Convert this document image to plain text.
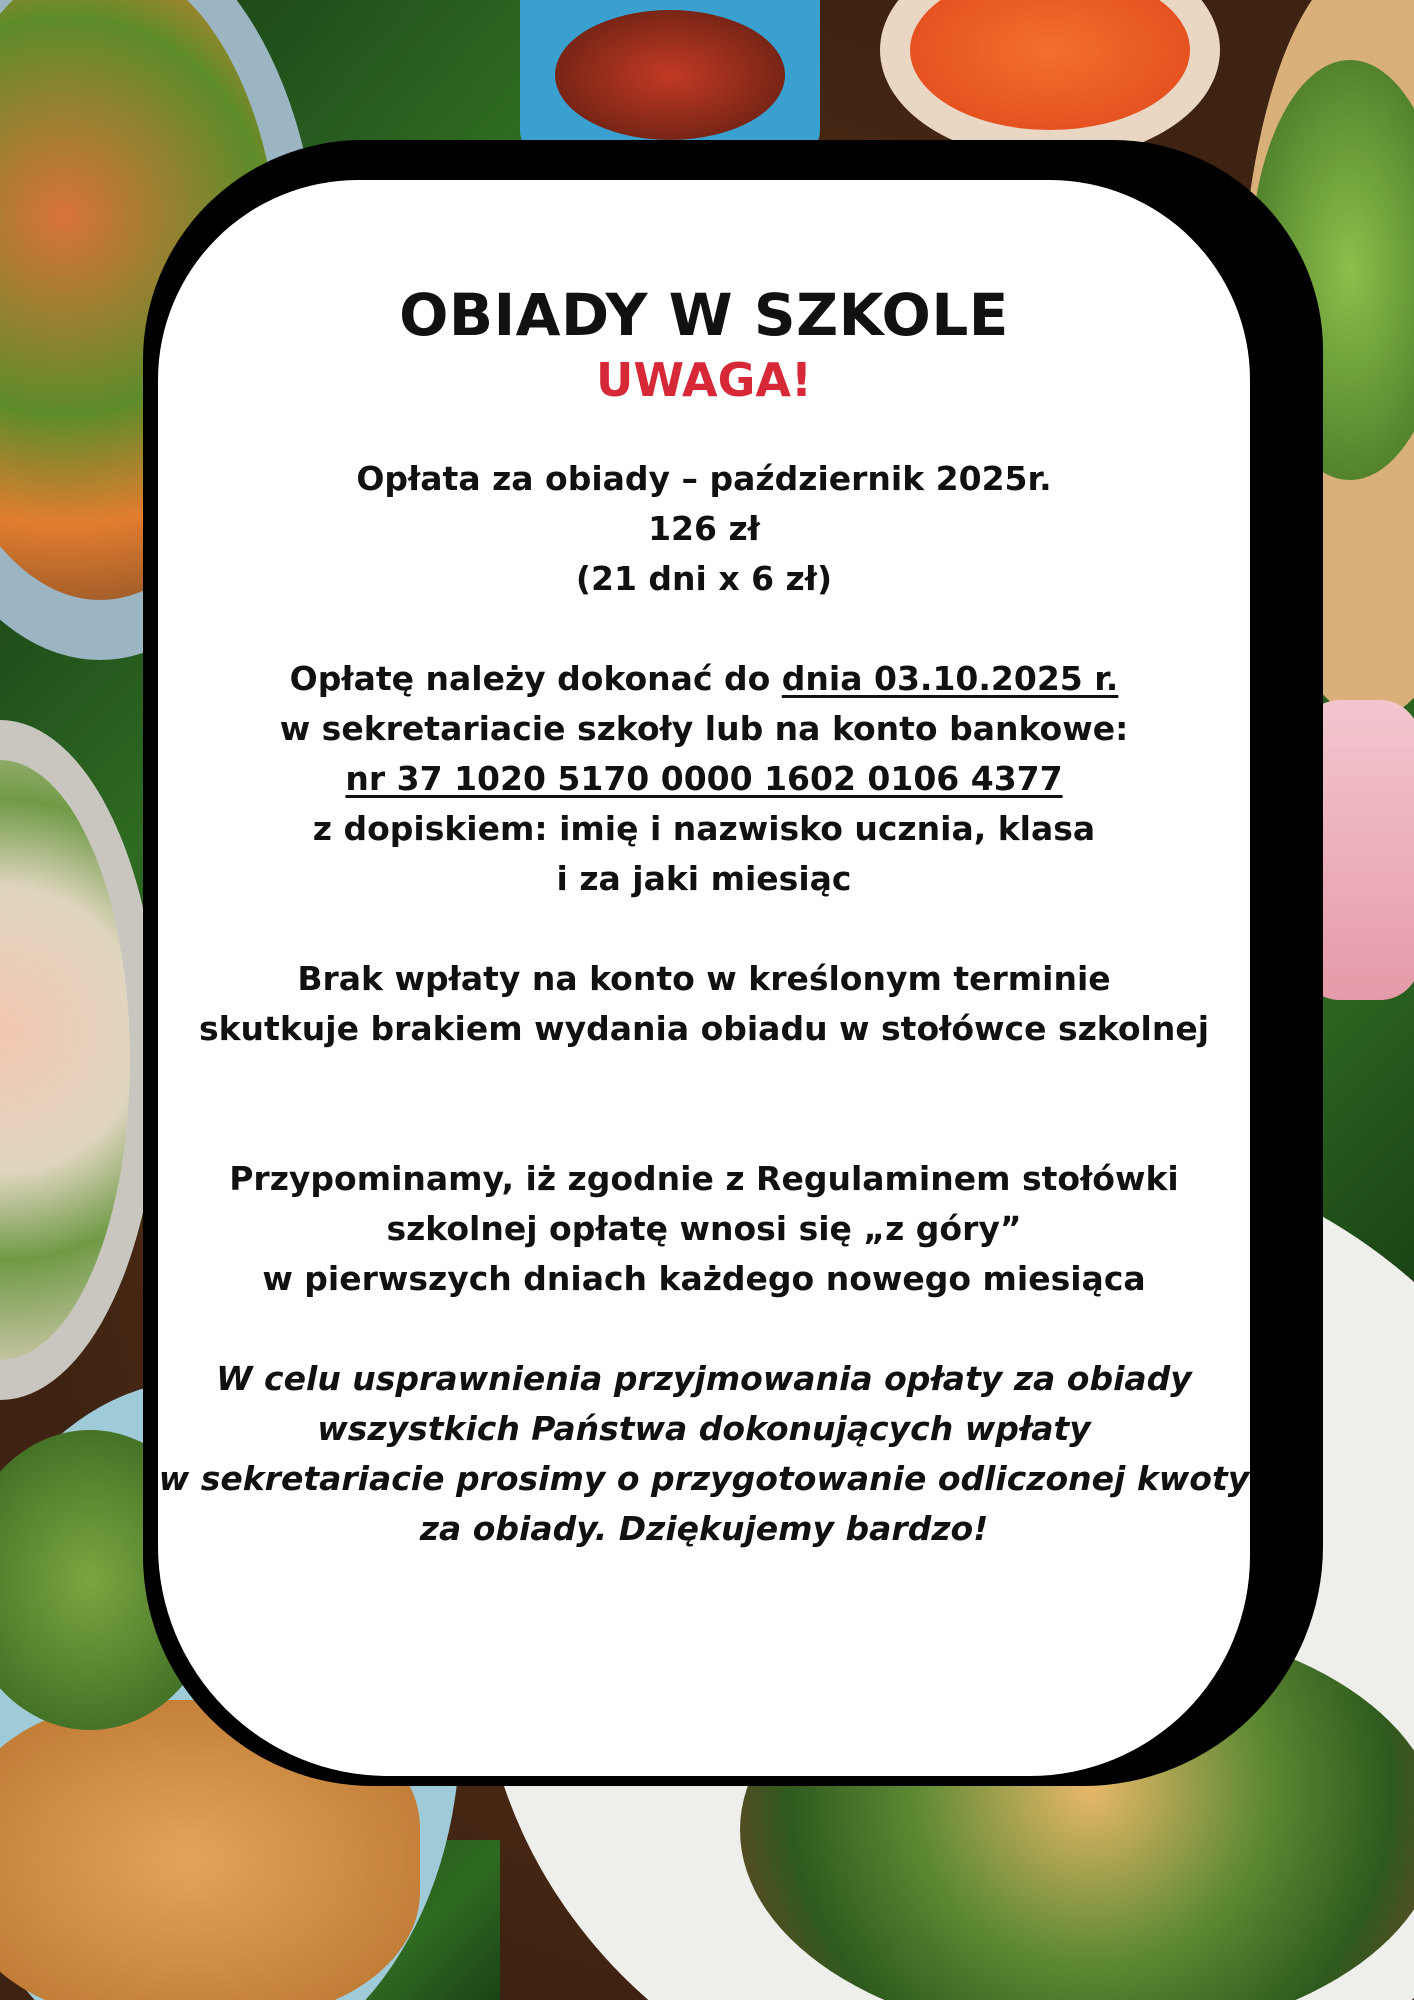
OBIADY W SZKOLE

UWAGA!

Opłata za obiady – październik 2025r.

126 zł

(21 dni x 6 zł)

Opłatę należy dokonać do dnia 03.10.2025 r.

w sekretariacie szkoły lub na konto bankowe:

nr 37 1020 5170 0000 1602 0106 4377

z dopiskiem: imię i nazwisko ucznia, klasa

i za jaki miesiąc

Brak wpłaty na konto w kreślonym terminie

skutkuje brakiem wydania obiadu w stołówce szkolnej

Przypominamy, iż zgodnie z Regulaminem stołówki

szkolnej opłatę wnosi się „z góry”

w pierwszych dniach każdego nowego miesiąca

W celu usprawnienia przyjmowania opłaty za obiady

wszystkich Państwa dokonujących wpłaty

w sekretariacie prosimy o przygotowanie odliczonej kwoty

za obiady. Dziękujemy bardzo!
